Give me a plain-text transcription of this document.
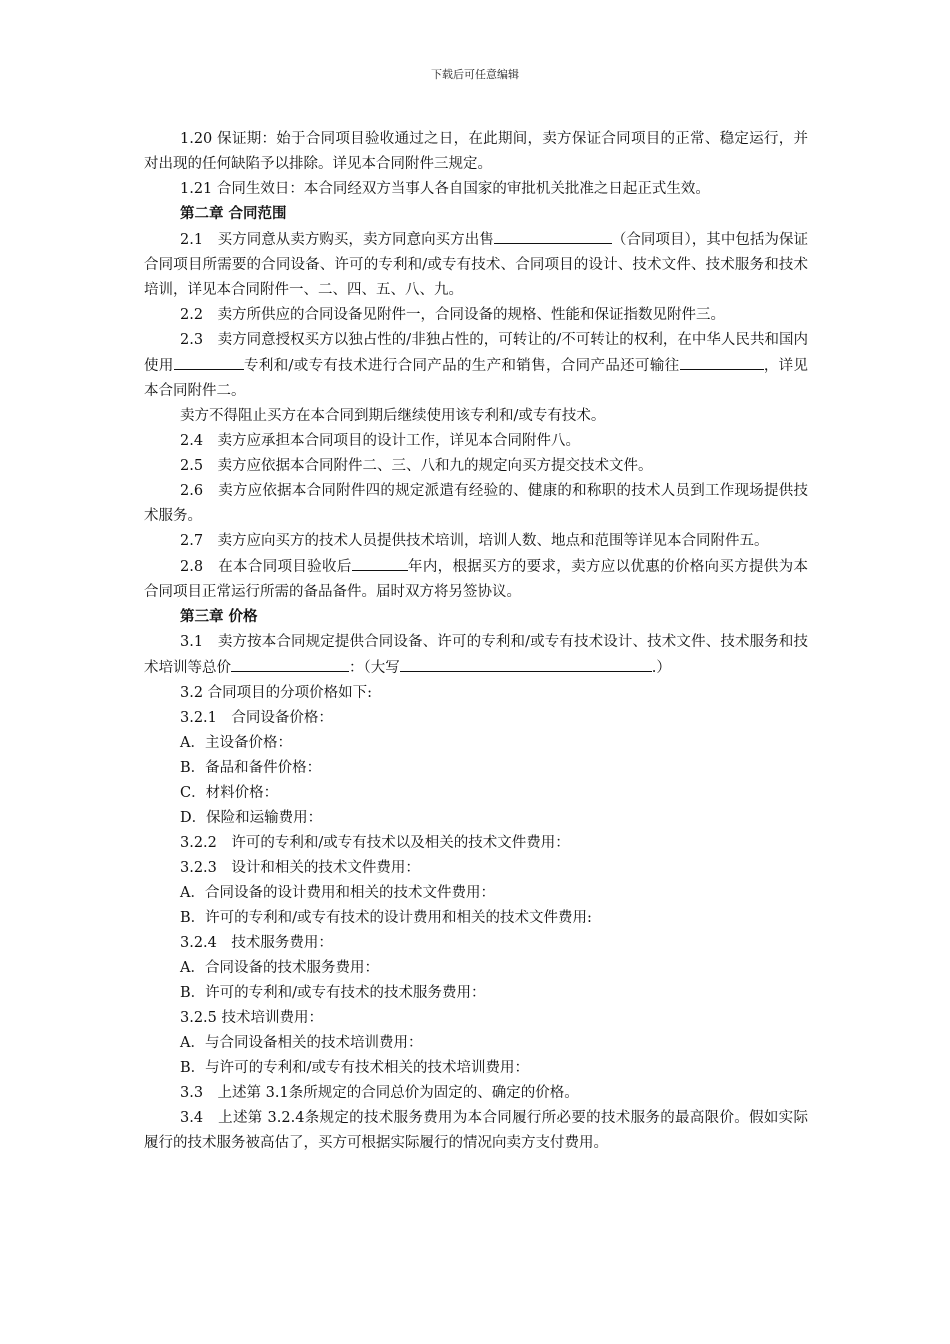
下载后可任意编辑

1.20 保证期：始于合同项目验收通过之日，在此期间，卖方保证合同项目的正常、稳定运行，并对出现的任何缺陷予以排除。详见本合同附件三规定。

1.21 合同生效日：本合同经双方当事人各自国家的审批机关批准之日起正式生效。

第二章 合同范围

2.1　买方同意从卖方购买，卖方同意向买方出售	（合同项目），其中包括为保证合同项目所需要的合同设备、许可的专利和/或专有技术、合同项目的设计、技术文件、技术服务和技术培训，详见本合同附件一、二、四、五、八、九。

2.2　卖方所供应的合同设备见附件一，合同设备的规格、性能和保证指数见附件三。

2.3　卖方同意授权买方以独占性的/非独占性的，可转让的/不可转让的权利，在中华人民共和国内使用	专利和/或专有技术进行合同产品的生产和销售，合同产品还可输往	，详见本合同附件二。

卖方不得阻止买方在本合同到期后继续使用该专利和/或专有技术。

2.4　卖方应承担本合同项目的设计工作，详见本合同附件八。

2.5　卖方应依据本合同附件二、三、八和九的规定向买方提交技术文件。

2.6　卖方应依据本合同附件四的规定派遣有经验的、健康的和称职的技术人员到工作现场提供技术服务。

2.7　卖方应向买方的技术人员提供技术培训，培训人数、地点和范围等详见本合同附件五。

2.8　在本合同项目验收后	年内，根据买方的要求，卖方应以优惠的价格向买方提供为本合同项目正常运行所需的备品备件。届时双方将另签协议。

第三章 价格

3.1　卖方按本合同规定提供合同设备、许可的专利和/或专有技术设计、技术文件、技术服务和技术培训等总价	：（大写	.）

3.2 合同项目的分项价格如下:

3.2.1　合同设备价格：

A．主设备价格：

B．备品和备件价格：

C．材料价格：

D．保险和运输费用：

3.2.2　许可的专利和/或专有技术以及相关的技术文件费用：

3.2.3　设计和相关的技术文件费用：

A．合同设备的设计费用和相关的技术文件费用：

B．许可的专利和/或专有技术的设计费用和相关的技术文件费用:

3.2.4　技术服务费用：

A．合同设备的技术服务费用：

B．许可的专利和/或专有技术的技术服务费用：

3.2.5 技术培训费用：

A．与合同设备相关的技术培训费用：

B．与许可的专利和/或专有技术相关的技术培训费用：

3.3　上述第 3.1条所规定的合同总价为固定的、确定的价格。

3.4　上述第 3.2.4条规定的技术服务费用为本合同履行所必要的技术服务的最高限价。假如实际履行的技术服务被高估了，买方可根据实际履行的情况向卖方支付费用。
